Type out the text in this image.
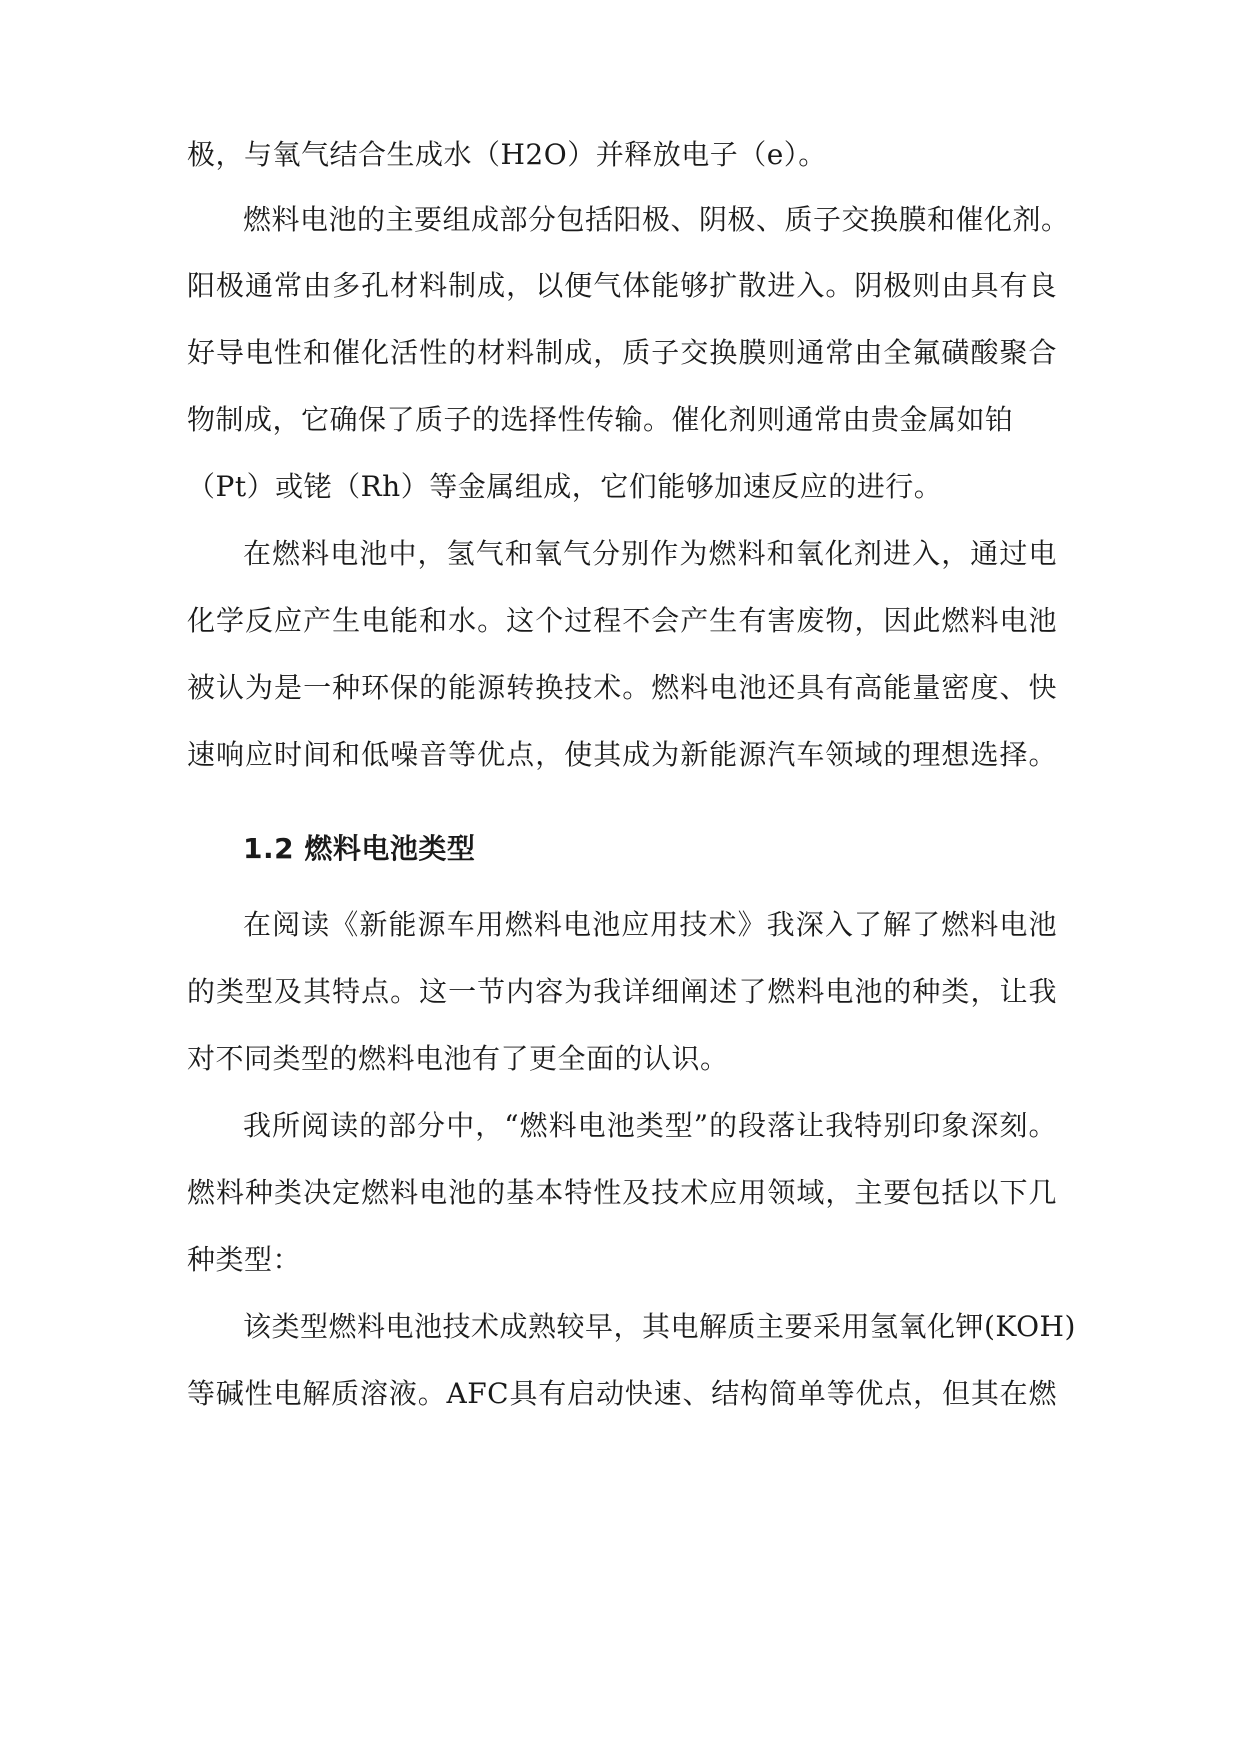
极，与氧气结合生成水（H2O）并释放电子（e）。
燃料电池的主要组成部分包括阳极、阴极、质子交换膜和催化剂。
阳极通常由多孔材料制成，以便气体能够扩散进入。阴极则由具有良
好导电性和催化活性的材料制成，质子交换膜则通常由全氟磺酸聚合
物制成，它确保了质子的选择性传输。催化剂则通常由贵金属如铂
（Pt）或铑（Rh）等金属组成，它们能够加速反应的进行。
在燃料电池中，氢气和氧气分别作为燃料和氧化剂进入，通过电
化学反应产生电能和水。这个过程不会产生有害废物，因此燃料电池
被认为是一种环保的能源转换技术。燃料电池还具有高能量密度、快
速响应时间和低噪音等优点，使其成为新能源汽车领域的理想选择。
1.2 燃料电池类型
在阅读《新能源车用燃料电池应用技术》我深入了解了燃料电池
的类型及其特点。这一节内容为我详细阐述了燃料电池的种类，让我
对不同类型的燃料电池有了更全面的认识。
我所阅读的部分中，“燃料电池类型”的段落让我特别印象深刻。
燃料种类决定燃料电池的基本特性及技术应用领域，主要包括以下几
种类型：
该类型燃料电池技术成熟较早，其电解质主要采用氢氧化钾(KOH)
等碱性电解质溶液。AFC具有启动快速、结构简单等优点，但其在燃
